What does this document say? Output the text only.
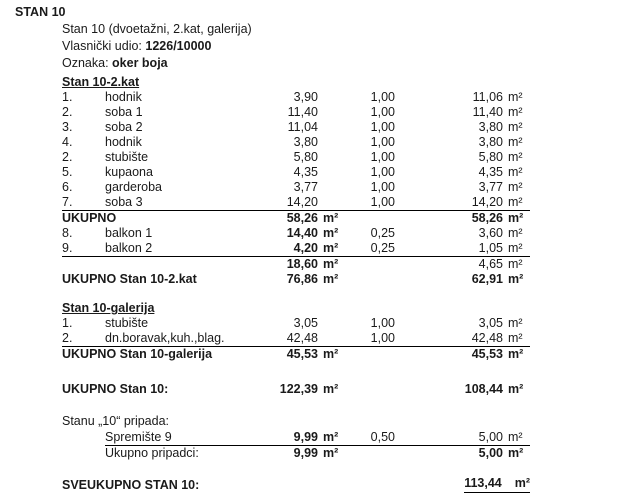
STAN 10
Stan 10 (dvoetažni, 2.kat, galerija)
Vlasnički udio: 1226/10000
Oznaka: oker boja
Stan 10-2.kat
1.	hodnik	3,90		1,00	11,06	m²
2.	soba 1	11,40		1,00	11,40	m²
3.	soba 2	11,04		1,00	3,80	m²
4.	hodnik	3,80		1,00	3,80	m²
2.	stubište	5,80		1,00	5,80	m²
5.	kupaona	4,35		1,00	4,35	m²
6.	garderoba	3,77		1,00	3,77	m²
7.	soba 3	14,20		1,00	14,20	m²
UKUPNO		58,26	m²		58,26	m²
8.	balkon 1	14,40	m²	0,25	3,60	m²
9.	balkon 2	4,20	m²	0,25	1,05	m²
		18,60	m²		4,65	m²
UKUPNO Stan 10-2.kat		76,86	m²		62,91	m²
Stan 10-galerija
1.	stubište	3,05		1,00	3,05	m²
2.	dn.boravak,kuh.,blag.	42,48		1,00	42,48	m²
UKUPNO Stan 10-galerija		45,53	m²		45,53	m²
UKUPNO Stan 10:	122,39	m²		108,44	m²
Stanu „10“ pripada:
	Spremište 9	9,99	m²	0,50	5,00	m²
	Ukupno pripadci:	9,99	m²		5,00	m²
SVEUKUPNO STAN 10:				113,44 m²
